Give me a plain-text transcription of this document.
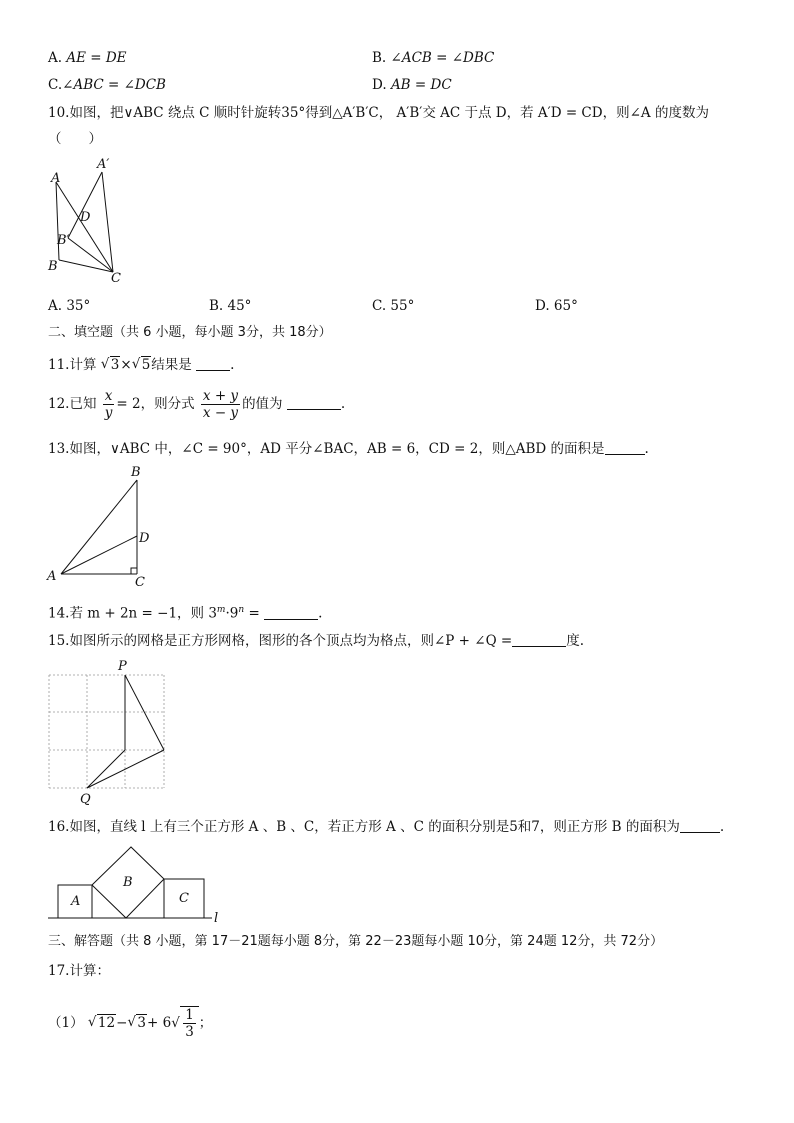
A. AE = DE	B. ∠ACB = ∠DBC
C.∠ABC = ∠DCB	D. AB = DC
10.如图，把∨ABC 绕点 C 顺时针旋转35°得到△A′B′C， A′B′交 AC 于点 D，若 A′D = CD，则∠A 的度数为
（　　）
A
A′
D
B′
B
C
A. 35°	B. 45°	C. 55°	D. 65°
二、填空题（共 6 小题，每小题 3分，共 18分）
11.计算 √ 3× √ 5结果是	.
12.已知 $\frac{x}{y} = 2$，则分式 $\frac{x + y}{x - y}$ 的值为	.
13.如图，∨ABC 中，∠C = 90°，AD 平分∠BAC，AB = 6，CD = 2，则△ABD 的面积是	.
B
D
A	C
14.若 m + 2n = −1，则 $3^m\cdot 9^n$ =	.
15.如图所示的网格是正方形网格，图形的各个顶点均为格点，则∠P + ∠Q =	度.
P
Q
16.如图，直线 l 上有三个正方形 A 、B 、C，若正方形 A 、C 的面积分别是5和7，则正方形 B 的面积为	.
A
B
C
l
三、解答题（共 8 小题，第 17－21题每小题 8分，第 22－23题每小题 10分，第 24题 12分，共 72分）
17.计算：
（1） √ 12− √ 3+ 6 √ $\frac{1}{3}$ ；
